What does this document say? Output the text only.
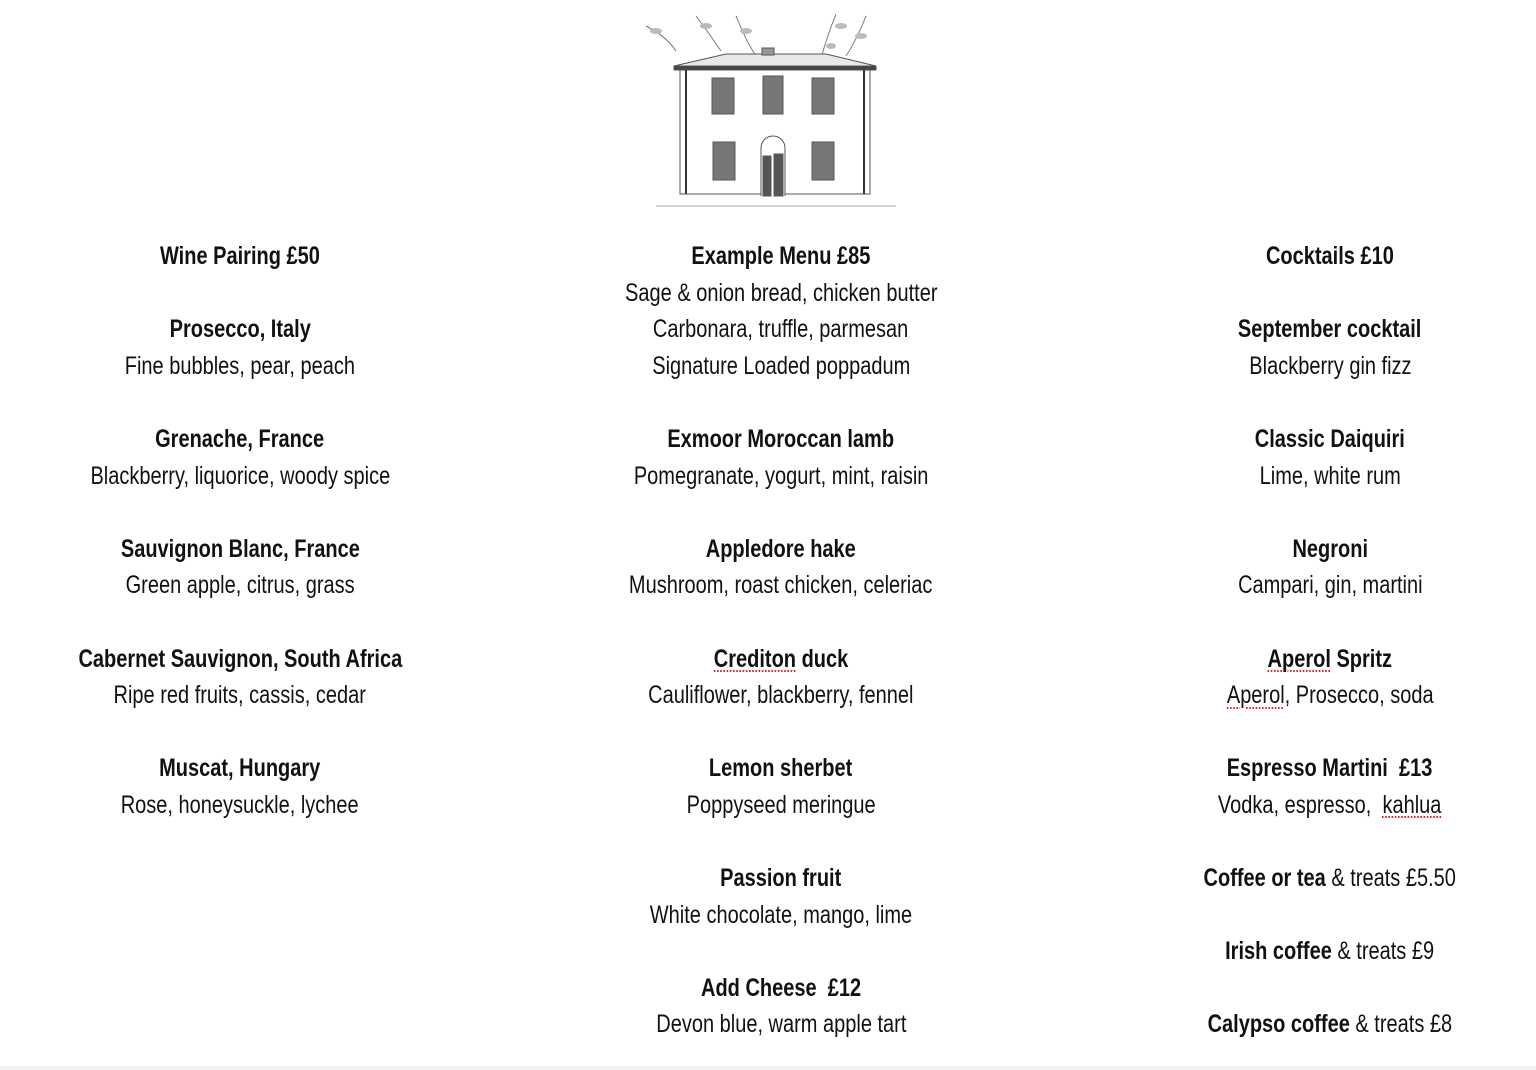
Wine Pairing £50
Prosecco, Italy
Fine bubbles, pear, peach
Grenache, France
Blackberry, liquorice, woody spice
Sauvignon Blanc, France
Green apple, citrus, grass
Cabernet Sauvignon, South Africa
Ripe red fruits, cassis, cedar
Muscat, Hungary
Rose, honeysuckle, lychee
Example Menu £85
Sage & onion bread, chicken butter
Carbonara, truffle, parmesan
Signature Loaded poppadum
Exmoor Moroccan lamb
Pomegranate, yogurt, mint, raisin
Appledore hake
Mushroom, roast chicken, celeriac
Crediton duck
Cauliflower, blackberry, fennel
Lemon sherbet
Poppyseed meringue
Passion fruit
White chocolate, mango, lime
Add Cheese  £12
Devon blue, warm apple tart
Cocktails £10
September cocktail
Blackberry gin fizz
Classic Daiquiri
Lime, white rum
Negroni
Campari, gin, martini
Aperol Spritz
Aperol, Prosecco, soda
Espresso Martini  £13
Vodka, espresso,  kahlua
Coffee or tea & treats £5.50
Irish coffee & treats £9
Calypso coffee & treats £8
